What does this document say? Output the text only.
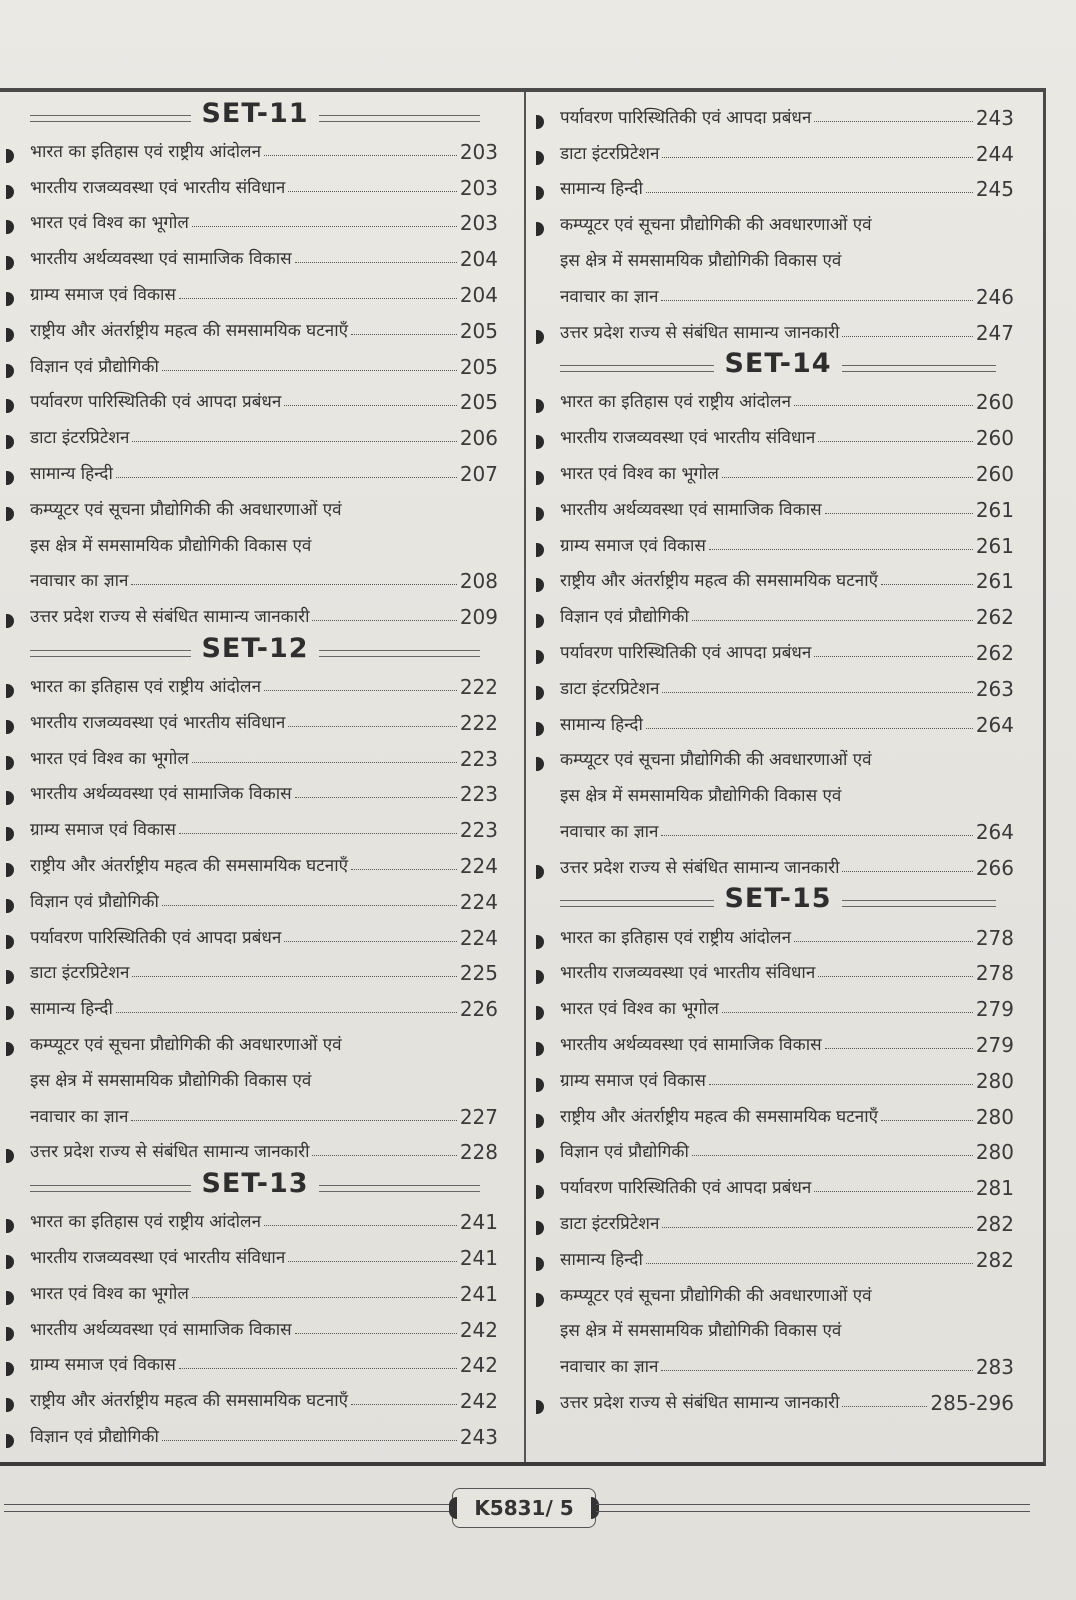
SET-11
भारत का इतिहास एवं राष्ट्रीय आंदोलन	203
भारतीय राजव्यवस्था एवं भारतीय संविधान	203
भारत एवं विश्व का भूगोल	203
भारतीय अर्थव्यवस्था एवं सामाजिक विकास	204
ग्राम्य समाज एवं विकास	204
राष्ट्रीय और अंतर्राष्ट्रीय महत्व की समसामयिक घटनाएँ	205
विज्ञान एवं प्रौद्योगिकी	205
पर्यावरण पारिस्थितिकी एवं आपदा प्रबंधन	205
डाटा इंटरप्रिटेशन	206
सामान्य हिन्दी	207
कम्प्यूटर एवं सूचना प्रौद्योगिकी की अवधारणाओं एवं
इस क्षेत्र में समसामयिक प्रौद्योगिकी विकास एवं
नवाचार का ज्ञान	208
उत्तर प्रदेश राज्य से संबंधित सामान्य जानकारी	209
SET-12
भारत का इतिहास एवं राष्ट्रीय आंदोलन	222
भारतीय राजव्यवस्था एवं भारतीय संविधान	222
भारत एवं विश्व का भूगोल	223
भारतीय अर्थव्यवस्था एवं सामाजिक विकास	223
ग्राम्य समाज एवं विकास	223
राष्ट्रीय और अंतर्राष्ट्रीय महत्व की समसामयिक घटनाएँ	224
विज्ञान एवं प्रौद्योगिकी	224
पर्यावरण पारिस्थितिकी एवं आपदा प्रबंधन	224
डाटा इंटरप्रिटेशन	225
सामान्य हिन्दी	226
कम्प्यूटर एवं सूचना प्रौद्योगिकी की अवधारणाओं एवं
इस क्षेत्र में समसामयिक प्रौद्योगिकी विकास एवं
नवाचार का ज्ञान	227
उत्तर प्रदेश राज्य से संबंधित सामान्य जानकारी	228
SET-13
भारत का इतिहास एवं राष्ट्रीय आंदोलन	241
भारतीय राजव्यवस्था एवं भारतीय संविधान	241
भारत एवं विश्व का भूगोल	241
भारतीय अर्थव्यवस्था एवं सामाजिक विकास	242
ग्राम्य समाज एवं विकास	242
राष्ट्रीय और अंतर्राष्ट्रीय महत्व की समसामयिक घटनाएँ	242
विज्ञान एवं प्रौद्योगिकी	243
पर्यावरण पारिस्थितिकी एवं आपदा प्रबंधन	243
डाटा इंटरप्रिटेशन	244
सामान्य हिन्दी	245
कम्प्यूटर एवं सूचना प्रौद्योगिकी की अवधारणाओं एवं
इस क्षेत्र में समसामयिक प्रौद्योगिकी विकास एवं
नवाचार का ज्ञान	246
उत्तर प्रदेश राज्य से संबंधित सामान्य जानकारी	247
SET-14
भारत का इतिहास एवं राष्ट्रीय आंदोलन	260
भारतीय राजव्यवस्था एवं भारतीय संविधान	260
भारत एवं विश्व का भूगोल	260
भारतीय अर्थव्यवस्था एवं सामाजिक विकास	261
ग्राम्य समाज एवं विकास	261
राष्ट्रीय और अंतर्राष्ट्रीय महत्व की समसामयिक घटनाएँ	261
विज्ञान एवं प्रौद्योगिकी	262
पर्यावरण पारिस्थितिकी एवं आपदा प्रबंधन	262
डाटा इंटरप्रिटेशन	263
सामान्य हिन्दी	264
कम्प्यूटर एवं सूचना प्रौद्योगिकी की अवधारणाओं एवं
इस क्षेत्र में समसामयिक प्रौद्योगिकी विकास एवं
नवाचार का ज्ञान	264
उत्तर प्रदेश राज्य से संबंधित सामान्य जानकारी	266
SET-15
भारत का इतिहास एवं राष्ट्रीय आंदोलन	278
भारतीय राजव्यवस्था एवं भारतीय संविधान	278
भारत एवं विश्व का भूगोल	279
भारतीय अर्थव्यवस्था एवं सामाजिक विकास	279
ग्राम्य समाज एवं विकास	280
राष्ट्रीय और अंतर्राष्ट्रीय महत्व की समसामयिक घटनाएँ	280
विज्ञान एवं प्रौद्योगिकी	280
पर्यावरण पारिस्थितिकी एवं आपदा प्रबंधन	281
डाटा इंटरप्रिटेशन	282
सामान्य हिन्दी	282
कम्प्यूटर एवं सूचना प्रौद्योगिकी की अवधारणाओं एवं
इस क्षेत्र में समसामयिक प्रौद्योगिकी विकास एवं
नवाचार का ज्ञान	283
उत्तर प्रदेश राज्य से संबंधित सामान्य जानकारी	285-296
K5831/ 5
